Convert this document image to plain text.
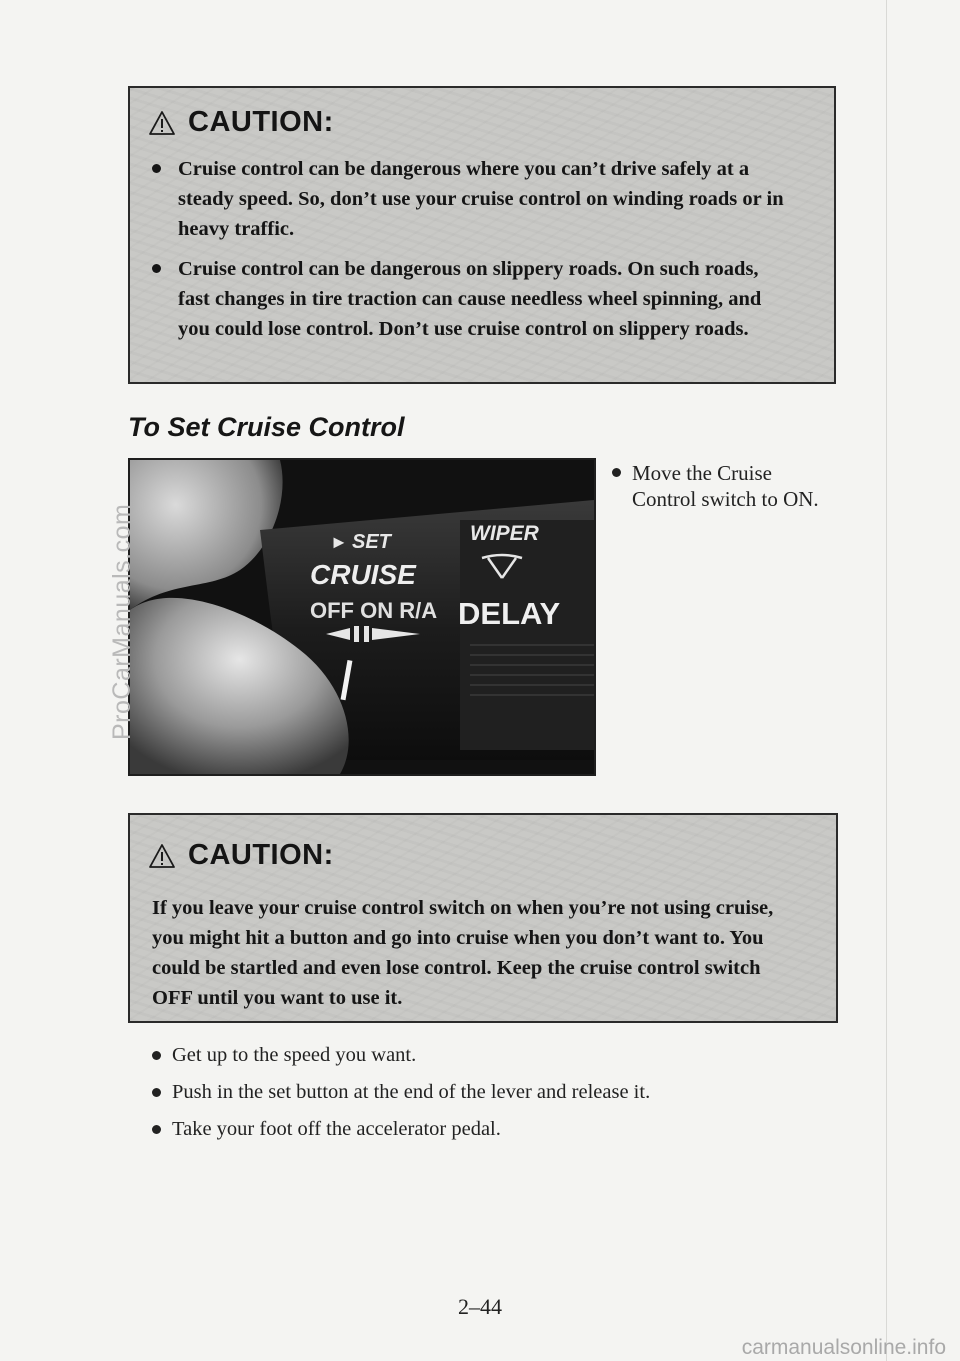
CAUTION:
Cruise control can be dangerous where you can’t drive safely at a steady speed. So, don’t use your cruise control on winding roads or in heavy traffic.
Cruise control can be dangerous on slippery roads. On such roads, fast changes in tire traction can cause needless wheel spinning, and you could lose control. Don’t use cruise control on slippery roads.
To Set Cruise Control
► SET
CRUISE
OFF ON R/A
WIPER
DELAY
Move the Cruise Control switch to ON.
CAUTION:

If you leave your cruise control switch on when you’re not using cruise, you might hit a button and go into cruise when you don’t want to. You could be startled and even lose control. Keep the cruise control switch OFF until you want to use it.

Get up to the speed you want.
Push in the set button at the end of the lever and release it.
Take your foot off the accelerator pedal.
2–44
ProCarManuals.com
carmanualsonline.info
